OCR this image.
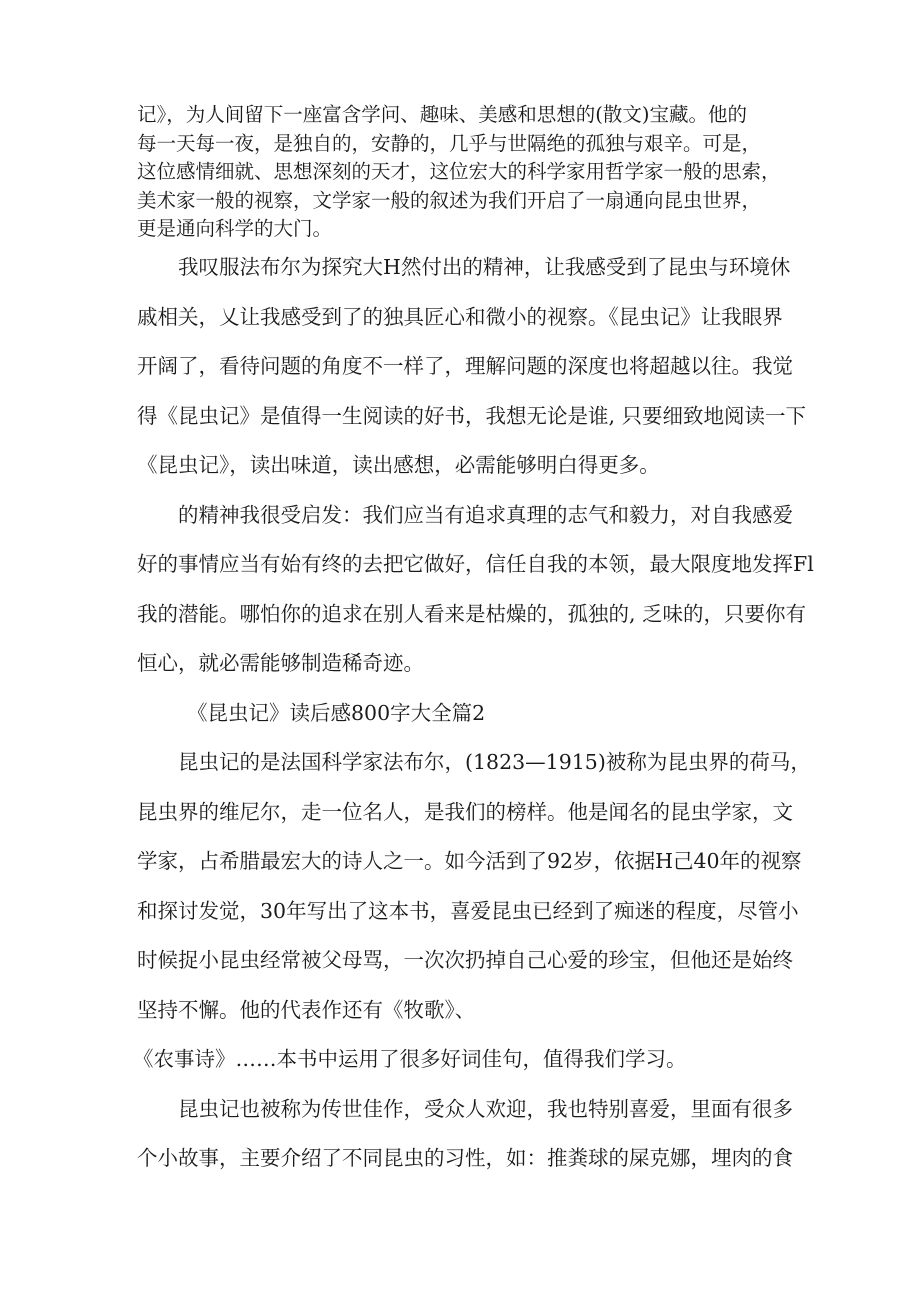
记》，为人间留下一座富含学问、趣味、美感和思想的(散文)宝藏。他的
每一天每一夜，是独自的，安静的，几乎与世隔绝的孤独与艰辛。可是，
这位感情细就、思想深刻的天才，这位宏大的科学家用哲学家一般的思索，
美术家一般的视察，文学家一般的叙述为我们开启了一扇通向昆虫世界，
更是通向科学的大门。
我叹服法布尔为探究大H然付出的精神，让我感受到了昆虫与环境休
戚相关，乂让我感受到了的独具匠心和微小的视察。《昆虫记》让我眼界
开阔了，看待问题的角度不一样了，理解问题的深度也将超越以往。我觉
得《昆虫记》是值得一生阅读的好书，我想无论是谁, 只要细致地阅读一下
《昆虫记》，读出味道，读出感想，必需能够明白得更多。
的精神我很受启发：我们应当有追求真理的志气和毅力，对自我感爱
好的事情应当有始有终的去把它做好，信任自我的本领，最大限度地发挥Fl
我的潜能。哪怕你的追求在别人看来是枯燥的，孤独的, 乏味的，只要你有
恒心，就必需能够制造稀奇迹。
《昆虫记》读后感800字大全篇2
昆虫记的是法国科学家法布尔，(1823—1915)被称为昆虫界的荷马，
昆虫界的维尼尔，走一位名人，是我们的榜样。他是闻名的昆虫学家，文
学家，占希腊最宏大的诗人之一。如今活到了92岁，依据H己40年的视察
和探讨发觉，30年写出了这本书，喜爱昆虫已经到了痴迷的程度，尽管小
时候捉小昆虫经常被父母骂，一次次扔掉自己心爱的珍宝，但他还是始终
坚持不懈。他的代表作还有《牧歌》、
《农事诗》……本书中运用了很多好词佳句，值得我们学习。
昆虫记也被称为传世佳作，受众人欢迎，我也特别喜爱，里面有很多
个小故事，主要介绍了不同昆虫的习性，如：推粪球的屎克娜，埋肉的食
